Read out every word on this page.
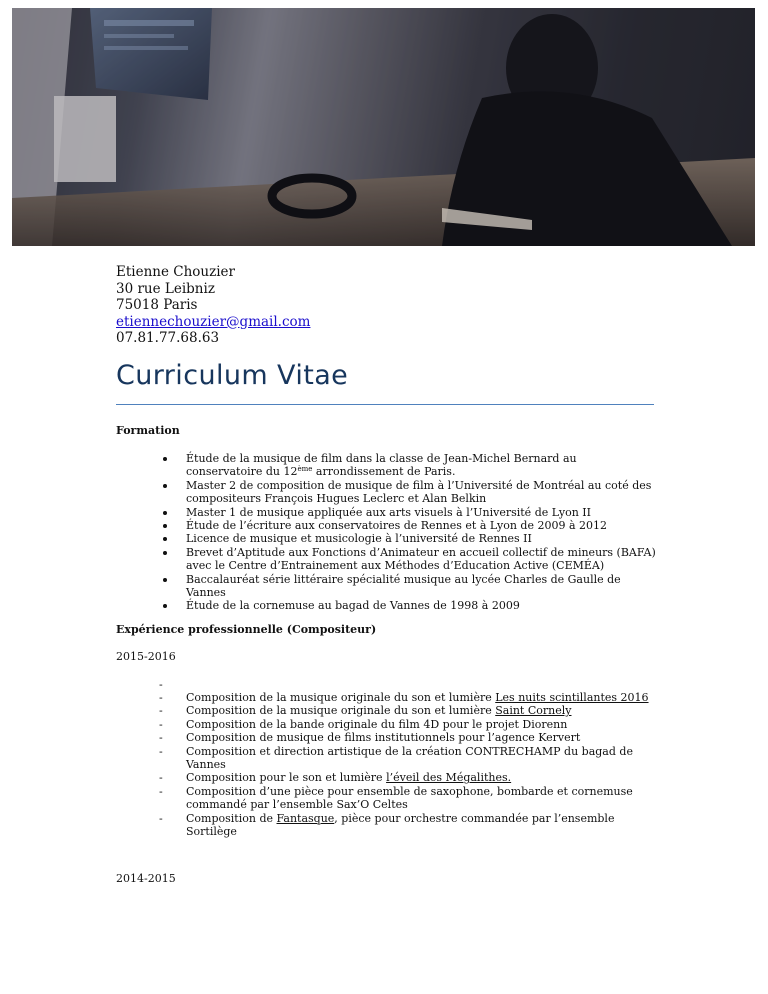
Etienne Chouzier
30 rue Leibniz
75018 Paris
etiennechouzier@gmail.com
07.81.77.68.63
Curriculum Vitae
Formation
Étude de la musique de film dans la classe de Jean-Michel Bernard au conservatoire du 12ème arrondissement de Paris.
Master 2 de composition de musique de film à l’Université de Montréal au coté des compositeurs François Hugues Leclerc et Alan Belkin
Master 1 de musique appliquée aux arts visuels à l’Université de Lyon II
Étude de l’écriture aux conservatoires de Rennes et à Lyon de 2009 à 2012
Licence de musique et musicologie à l’université de Rennes II
Brevet d’Aptitude aux Fonctions d’Animateur en accueil collectif de mineurs (BAFA) avec le Centre d’Entrainement aux Méthodes d’Education Active (CEMÉA)
Baccalauréat série littéraire spécialité musique au lycée Charles de Gaulle de Vannes
Étude de la cornemuse au bagad de Vannes de 1998 à 2009
Expérience professionnelle (Compositeur)
2015-2016
-
- Composition de la musique originale du son et lumière Les nuits scintillantes 2016
- Composition de la musique originale du son et lumière Saint Cornely
- Composition de la bande originale du film 4D pour le projet Diorenn
- Composition de musique de films institutionnels pour l’agence Kervert
- Composition et direction artistique de la création CONTRECHAMP du bagad de Vannes
- Composition pour le son et lumière l’éveil des Mégalithes.
- Composition d’une pièce pour ensemble de saxophone, bombarde et cornemuse commandé par l’ensemble Sax’O Celtes
- Composition de Fantasque, pièce pour orchestre commandée par l’ensemble Sortilège
2014-2015
